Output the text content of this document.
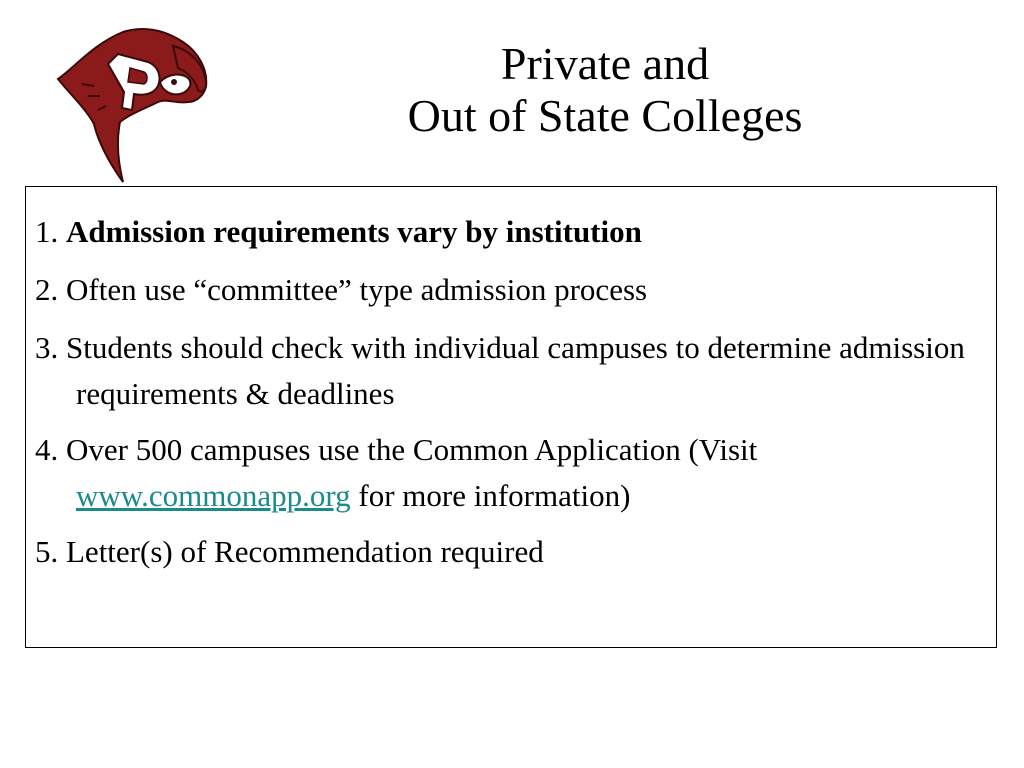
Private and
Out of State Colleges
1. Admission requirements vary by institution
2. Often use “committee” type admission process
3. Students should check with individual campuses to determine admission requirements & deadlines
4. Over 500 campuses use the Common Application (Visit www.commonapp.org for more information)
5. Letter(s) of Recommendation required
